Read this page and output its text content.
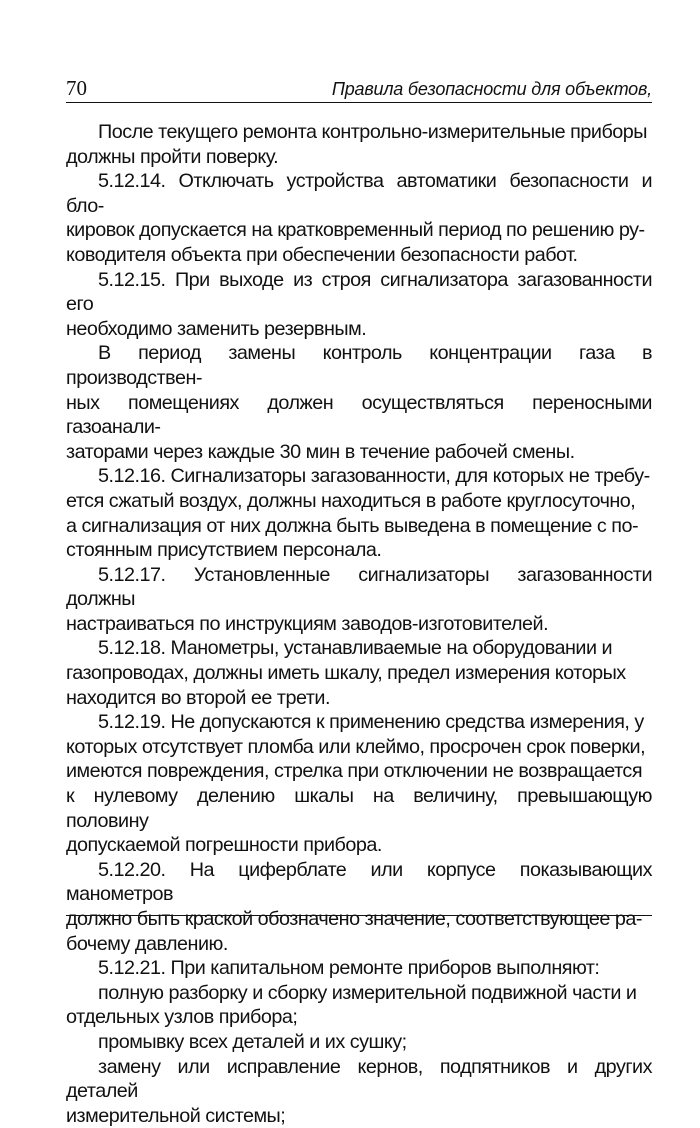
70	Правила безопасности для объектов,

После текущего ремонта контрольно-измерительные приборы
должны пройти поверку.

5.12.14. Отключать устройства автоматики безопасности и бло-
кировок допускается на кратковременный период по решению ру-
ководителя объекта при обеспечении безопасности работ.

5.12.15. При выходе из строя сигнализатора загазованности его
необходимо заменить резервным.

В период замены контроль концентрации газа в производствен-
ных помещениях должен осуществляться переносными газоанали-
заторами через каждые 30 мин в течение рабочей смены.

5.12.16. Сигнализаторы загазованности, для которых не требу-
ется сжатый воздух, должны находиться в работе круглосуточно,
а сигнализация от них должна быть выведена в помещение с по-
стоянным присутствием персонала.

5.12.17. Установленные сигнализаторы загазованности должны
настраиваться по инструкциям заводов-изготовителей.

5.12.18. Манометры, устанавливаемые на оборудовании и
газопроводах, должны иметь шкалу, предел измерения которых
находится во второй ее трети.

5.12.19. Не допускаются к применению средства измерения, у
которых отсутствует пломба или клеймо, просрочен срок поверки,
имеются повреждения, стрелка при отключении не возвращается
к нулевому делению шкалы на величину, превышающую половину
допускаемой погрешности прибора.

5.12.20. На циферблате или корпусе показывающих манометров
должно быть краской обозначено значение, соответствующее ра-
бочему давлению.

5.12.21. При капитальном ремонте приборов выполняют:

полную разборку и сборку измерительной подвижной части и
отдельных узлов прибора;

промывку всех деталей и их сушку;

замену или исправление кернов, подпятников и других деталей
измерительной системы;
